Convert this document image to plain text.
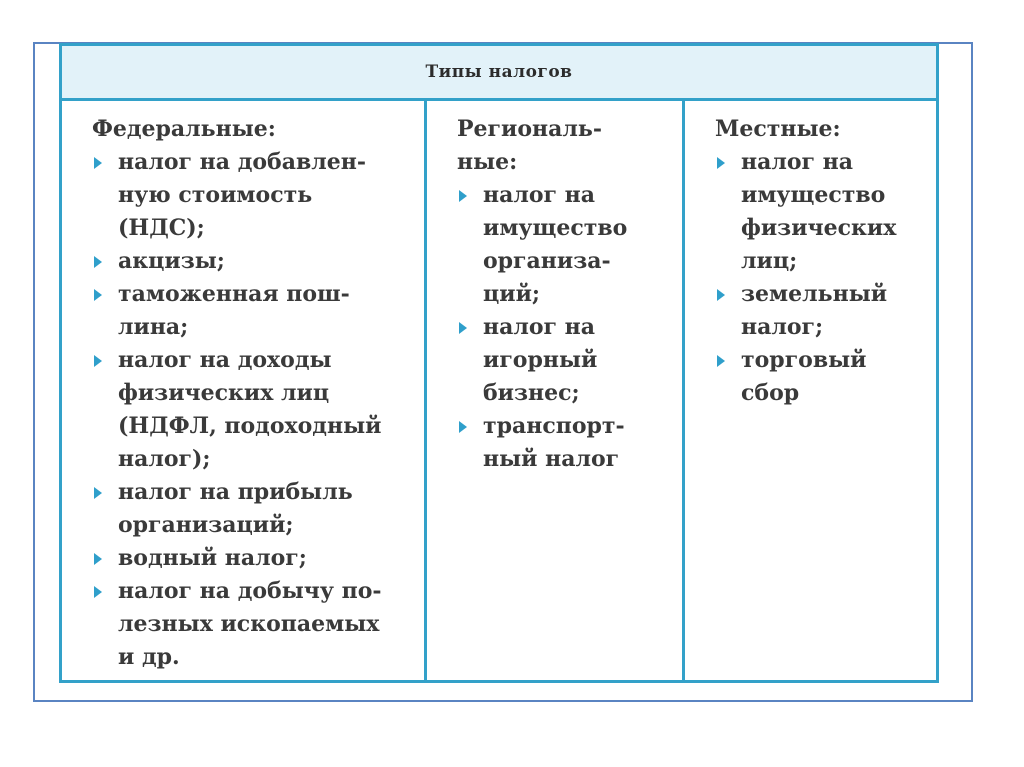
Типы налогов
Федеральные:
налог на добавлен-
ную стоимость
(НДС);
акцизы;
таможенная пош-
лина;
налог на доходы
физических лиц
(НДФЛ, подоходный
налог);
налог на прибыль
организаций;
водный налог;
налог на добычу по-
лезных ископаемых
и др.
Региональ-
ные:
налог на
имущество
организа-
ций;
налог на
игорный
бизнес;
транспорт-
ный налог
Местные:
налог на
имущество
физических
лиц;
земельный
налог;
торговый
сбор
